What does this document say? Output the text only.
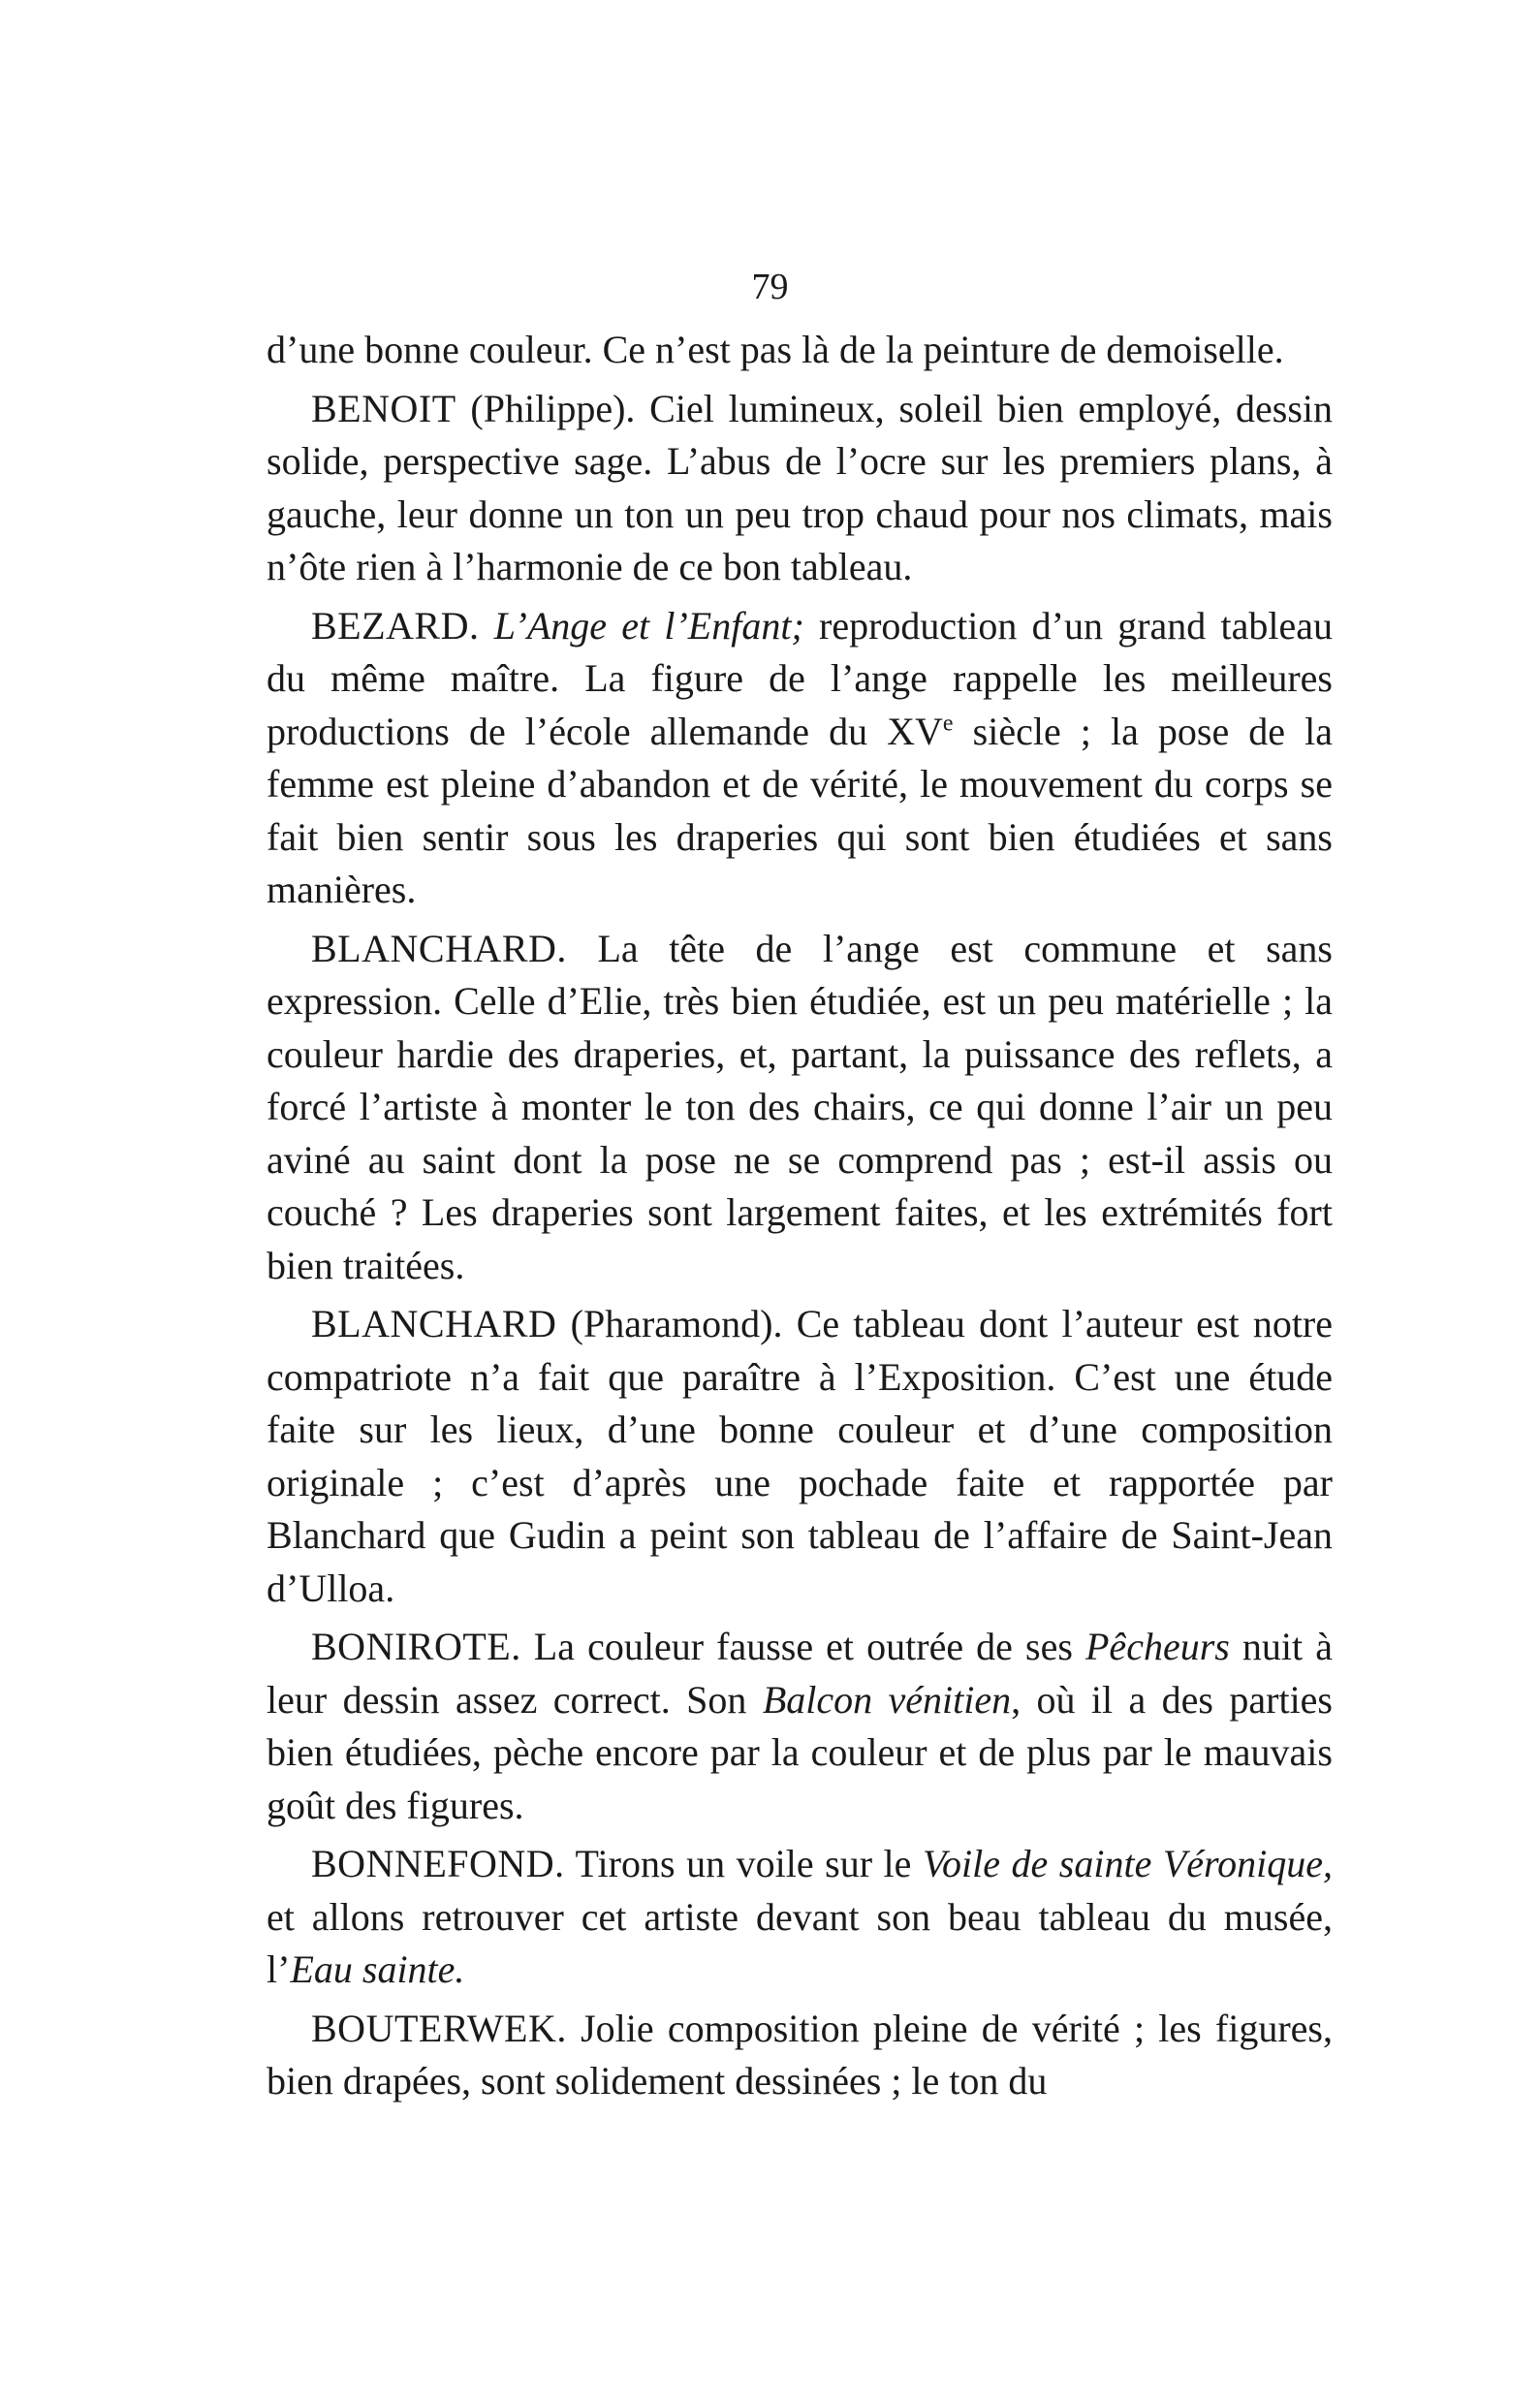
79

d’une bonne couleur. Ce n’est pas là de la peinture de demoiselle.

BENOIT (Philippe). Ciel lumineux, soleil bien employé, dessin solide, perspective sage. L’abus de l’ocre sur les premiers plans, à gauche, leur donne un ton un peu trop chaud pour nos climats, mais n’ôte rien à l’harmonie de ce bon tableau.

BEZARD. L’Ange et l’Enfant; reproduction d’un grand tableau du même maître. La figure de l’ange rappelle les meilleures productions de l’école allemande du XVe siècle ; la pose de la femme est pleine d’abandon et de vérité, le mouvement du corps se fait bien sentir sous les draperies qui sont bien étudiées et sans manières.

BLANCHARD. La tête de l’ange est commune et sans expression. Celle d’Elie, très bien étudiée, est un peu matérielle ; la couleur hardie des draperies, et, partant, la puissance des reflets, a forcé l’artiste à monter le ton des chairs, ce qui donne l’air un peu aviné au saint dont la pose ne se comprend pas ; est-il assis ou couché ? Les draperies sont largement faites, et les extrémités fort bien traitées.

BLANCHARD (Pharamond). Ce tableau dont l’auteur est notre compatriote n’a fait que paraître à l’Exposition. C’est une étude faite sur les lieux, d’une bonne couleur et d’une composition originale ; c’est d’après une pochade faite et rapportée par Blanchard que Gudin a peint son tableau de l’affaire de Saint-Jean d’Ulloa.

BONIROTE. La couleur fausse et outrée de ses Pêcheurs nuit à leur dessin assez correct. Son Balcon vénitien, où il a des parties bien étudiées, pèche encore par la couleur et de plus par le mauvais goût des figures.

BONNEFOND. Tirons un voile sur le Voile de sainte Véronique, et allons retrouver cet artiste devant son beau tableau du musée, l’Eau sainte.

BOUTERWEK. Jolie composition pleine de vérité ; les figures, bien drapées, sont solidement dessinées ; le ton du
